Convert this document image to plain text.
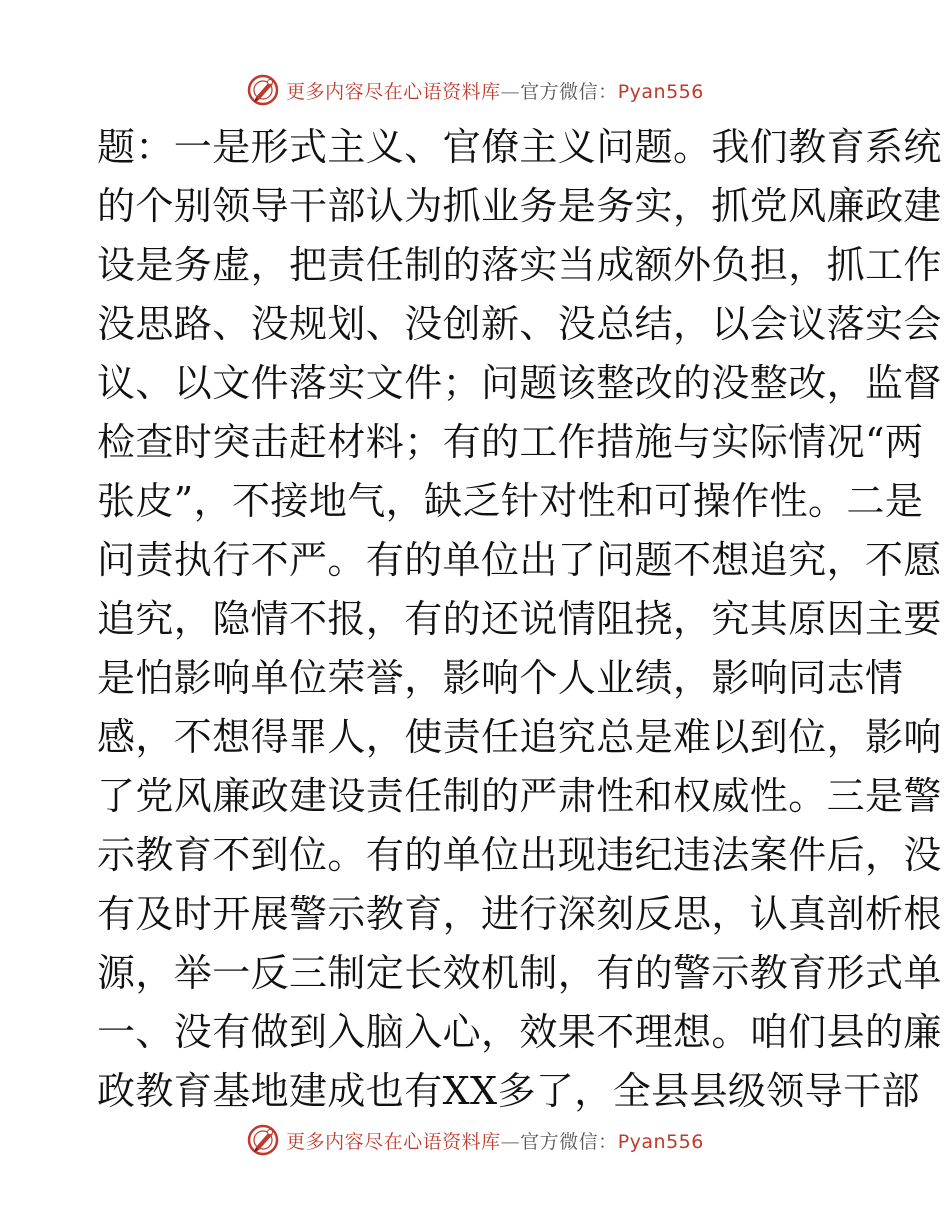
更多内容尽在心语资料库—官方微信：Pyan556
题：一是形式主义、官僚主义问题。我们教育系统
的个别领导干部认为抓业务是务实，抓党风廉政建
设是务虚，把责任制的落实当成额外负担，抓工作
没思路、没规划、没创新、没总结，以会议落实会
议、以文件落实文件；问题该整改的没整改，监督
检查时突击赶材料；有的工作措施与实际情况“两
张皮”，不接地气，缺乏针对性和可操作性。二是
问责执行不严。有的单位出了问题不想追究，不愿
追究，隐情不报，有的还说情阻挠，究其原因主要
是怕影响单位荣誉，影响个人业绩，影响同志情
感，不想得罪人，使责任追究总是难以到位，影响
了党风廉政建设责任制的严肃性和权威性。三是警
示教育不到位。有的单位出现违纪违法案件后，没
有及时开展警示教育，进行深刻反思，认真剖析根
源，举一反三制定长效机制，有的警示教育形式单
一、没有做到入脑入心，效果不理想。咱们县的廉
政教育基地建成也有XX多了，全县县级领导干部
更多内容尽在心语资料库—官方微信：Pyan556
